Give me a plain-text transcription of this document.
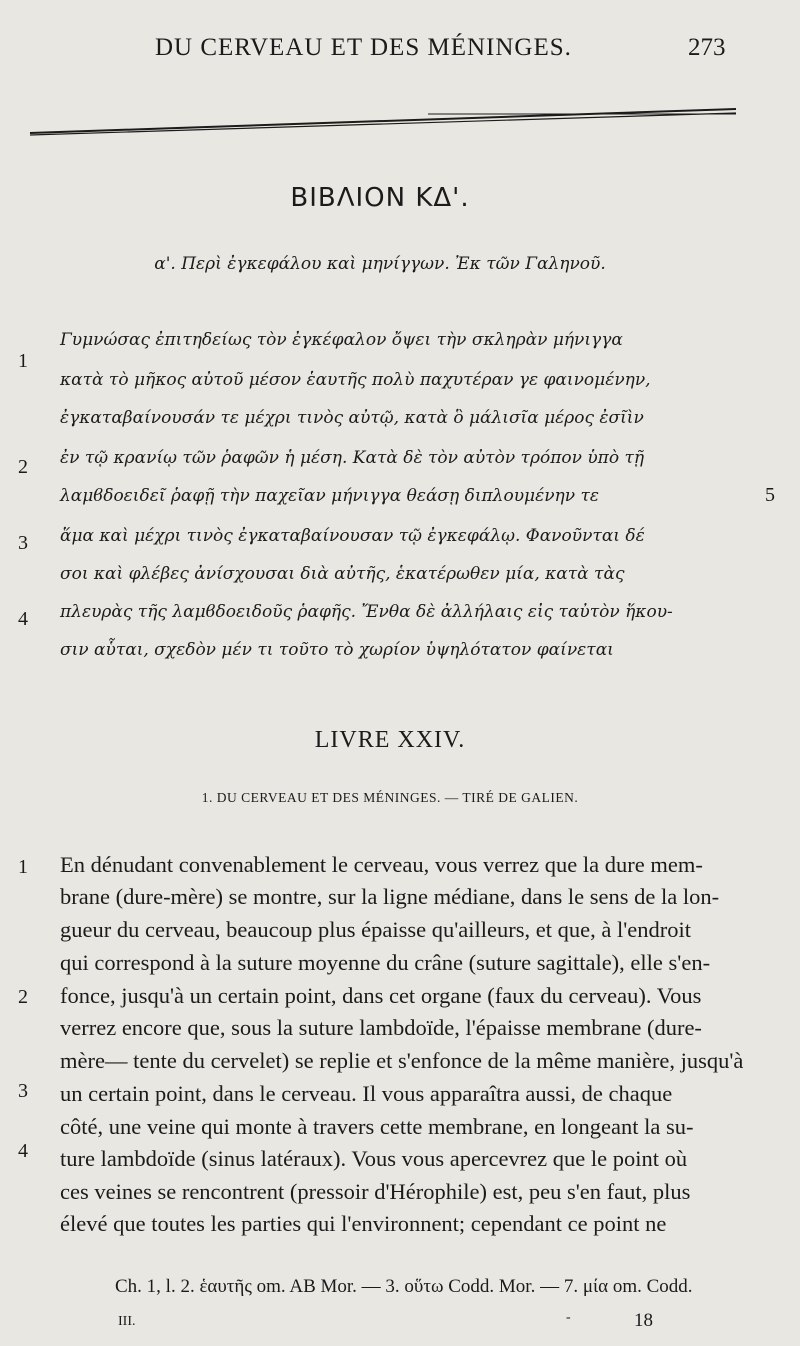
DU CERVEAU ET DES MÉNINGES.	273
ΒΙΒΛΙΟΝ ΚΔ'.
α'. Περὶ ἐγκεφάλου καὶ μηνίγγων. Ἐκ τῶν Γαληνοῦ.
Γυμνώσας ἐπιτηδείως τὸν ἐγκέφαλον ὄψει τὴν σκληρὰν μήνιγγα
κατὰ τὸ μῆκος αὐτοῦ μέσον ἑαυτῆς πολὺ παχυτέραν γε φαινομένην,
ἐγκαταβαίνουσάν τε μέχρι τινὸς αὐτῷ, κατὰ ὃ μάλισῖα μέρος ἐσῖὶν
ἐν τῷ κρανίῳ τῶν ῥαφῶν ἡ μέση. Κατὰ δὲ τὸν αὐτὸν τρόπον ὑπὸ τῇ
λαμϐδοειδεῖ ῥαφῇ τὴν παχεῖαν μήνιγγα θεάσῃ διπλουμένην τε
ἅμα καὶ μέχρι τινὸς ἐγκαταβαίνουσαν τῷ ἐγκεφάλῳ. Φανοῦνται δέ
σοι καὶ φλέβες ἀνίσχουσαι διὰ αὐτῆς, ἑκατέρωθεν μία, κατὰ τὰς
πλευρὰς τῆς λαμϐδοειδοῦς ῥαφῆς. Ἔνθα δὲ ἀλλήλαις εἰς ταὐτὸν ἥκου-
σιν αὗται, σχεδὸν μέν τι τοῦτο τὸ χωρίον ὑψηλότατον φαίνεται
1
2
3
4
5
LIVRE XXIV.
1. DU CERVEAU ET DES MÉNINGES. — TIRÉ DE GALIEN.
En dénudant convenablement le cerveau, vous verrez que la dure mem-
brane (dure-mère) se montre, sur la ligne médiane, dans le sens de la lon-
gueur du cerveau, beaucoup plus épaisse qu'ailleurs, et que, à l'endroit
qui correspond à la suture moyenne du crâne (suture sagittale), elle s'en-
fonce, jusqu'à un certain point, dans cet organe (faux du cerveau). Vous
verrez encore que, sous la suture lambdoïde, l'épaisse membrane (dure-
mère— tente du cervelet) se replie et s'enfonce de la même manière, jusqu'à
un certain point, dans le cerveau. Il vous apparaîtra aussi, de chaque
côté, une veine qui monte à travers cette membrane, en longeant la su-
ture lambdoïde (sinus latéraux). Vous vous apercevrez que le point où
ces veines se rencontrent (pressoir d'Hérophile) est, peu s'en faut, plus
élevé que toutes les parties qui l'environnent; cependant ce point ne
1
2
3
4
Ch. 1, l. 2. ἑαυτῆς om. AB Mor. — 3. οὕτω Codd. Mor. — 7. μία om. Codd.
III.	-	18
